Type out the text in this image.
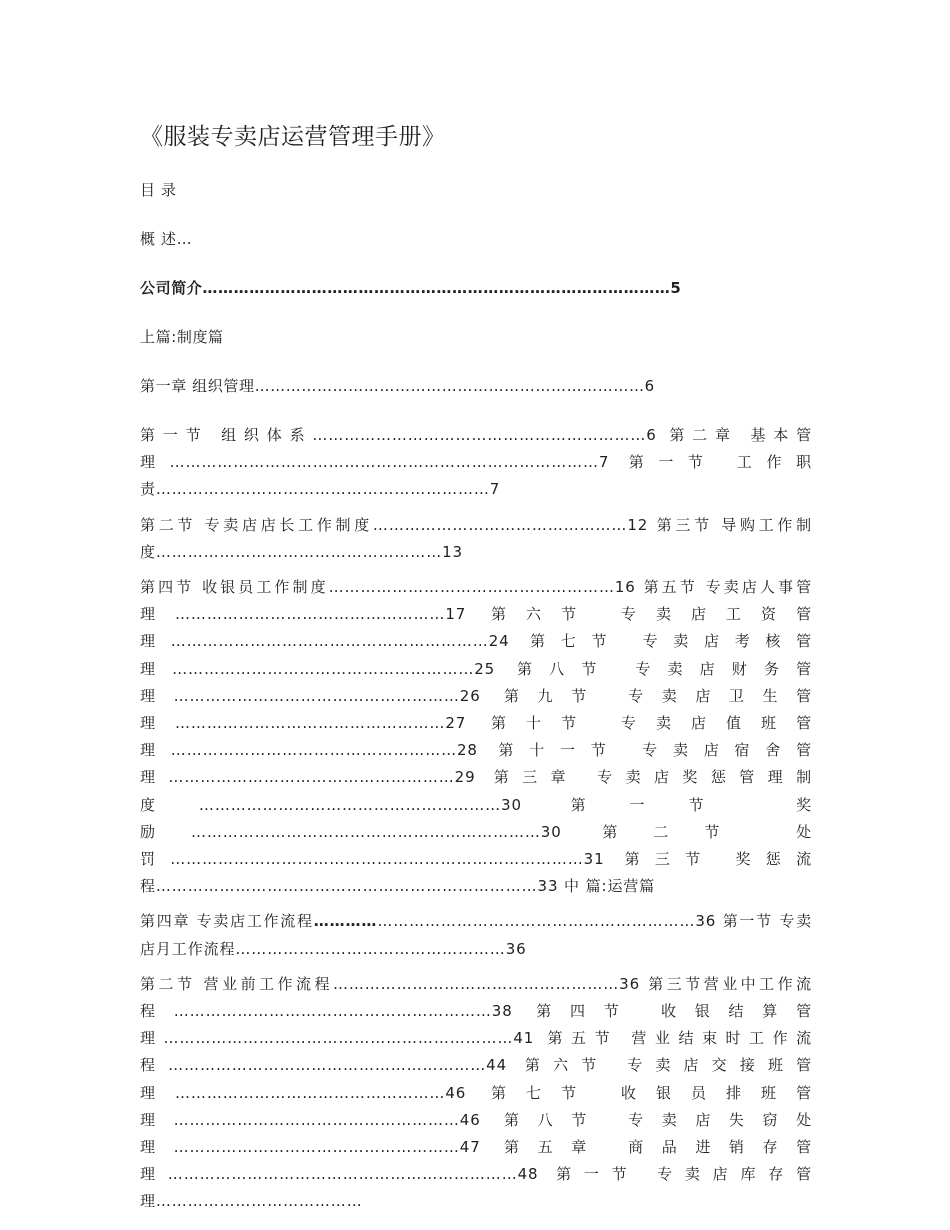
《服装专卖店运营管理手册》
目 录
概 述…
公司简介………………………………………………………………………………5
上篇:制度篇
第一章 组织管理…………………………………………………………………6
第一节 组织体系………………………………………………………6 第二章 基本管理………………………………………………………………………7 第一节 工作职责………………………………………………………7
第二节 专卖店店长工作制度…………………………………………12 第三节 导购工作制度………………………………………………13
第四节 收银员工作制度………………………………………………16 第五节 专卖店人事管理……………………………………………17 第六节 专卖店工资管理……………………………………………………24 第七节 专卖店考核管理…………………………………………………25 第八节 专卖店财务管理………………………………………………26 第九节 专卖店卫生管理……………………………………………27 第十节 专卖店值班管理………………………………………………28 第十一节 专卖店宿舍管理………………………………………………29 第三章 专卖店奖惩管理制度…………………………………………………30 第一节 奖励…………………………………………………………30 第二节 处罚……………………………………………………………………31 第三节 奖惩流程………………………………………………………………33 中 篇:运营篇
第四章 专卖店工作流程………………………………………………………………36 第一节 专卖店月工作流程……………………………………………36
第二节 营业前工作流程………………………………………………36 第三节营业中工作流程……………………………………………………38 第四节 收银结算管理…………………………………………………………41 第五节 营业结束时工作流程……………………………………………………44 第六节 专卖店交接班管理……………………………………………46 第七节 收银员排班管理………………………………………………46 第八节 专卖店失窃处理………………………………………………47 第五章 商品进销存管理…………………………………………………………48 第一节 专卖店库存管理…………………………………
